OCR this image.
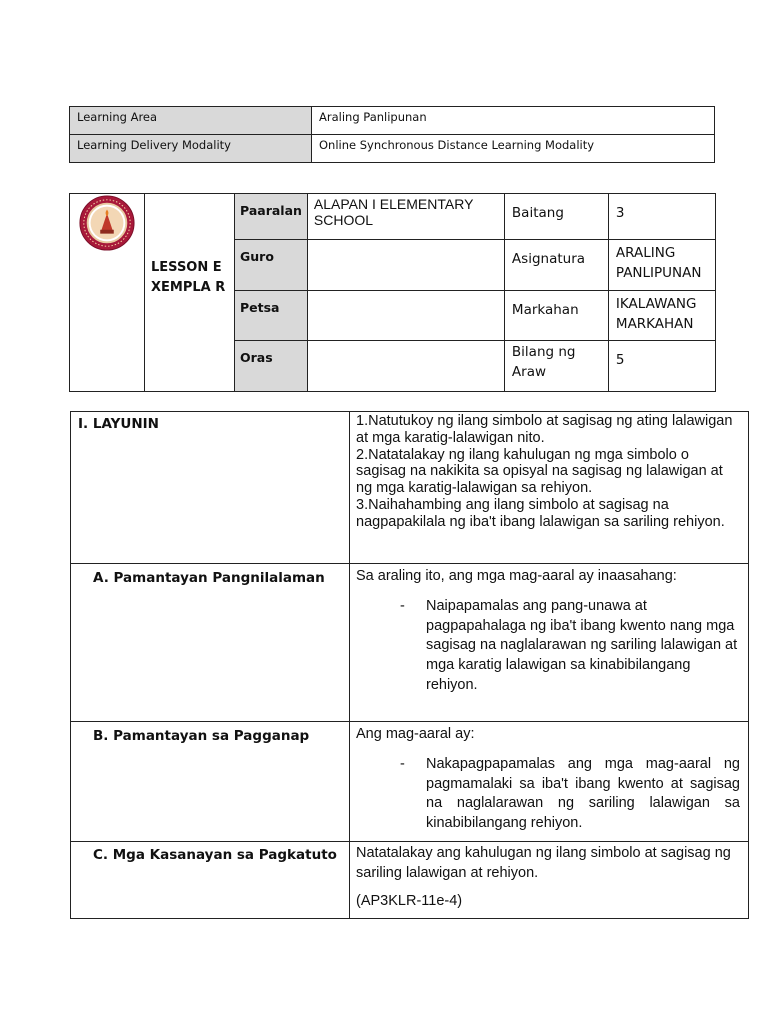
Learning Area	Araling Panlipunan
Learning Delivery Modality	Online Synchronous Distance Learning Modality
	LESSON EXEMPLA R	Paaralan	ALAPAN I ELEMENTARY SCHOOL	Baitang	3
		Guro		Asignatura	ARALING PANLIPUNAN
		Petsa		Markahan	IKALAWANG MARKAHAN
		Oras		Bilang ng Araw	5
I. LAYUNIN	1.Natutukoy ng ilang simbolo at sagisag ng ating lalawigan at mga karatig-lalawigan nito.
2.Natatalakay ng ilang kahulugan ng mga simbolo o sagisag na nakikita sa opisyal na sagisag ng lalawigan at ng mga karatig-lalawigan sa rehiyon.
3.Naihahambing ang ilang simbolo at sagisag na nagpapakilala ng iba't ibang lalawigan sa sariling rehiyon.

A. Pamantayan Pangnilalaman	Sa araling ito, ang mga mag-aaral ay inaasahang:
- Naipapamalas ang pang-unawa at pagpapahalaga ng iba't ibang kwento nang mga sagisag na naglalarawan ng sariling lalawigan at mga karatig lalawigan sa kinabibilangang rehiyon.

B. Pamantayan sa Pagganap	Ang mag-aaral ay:
- Nakapagpapamalas ang mga mag-aaral ng pagmamalaki sa iba't ibang kwento at sagisag na naglalarawan ng sariling lalawigan sa kinabibilangang rehiyon.

C. Mga Kasanayan sa Pagkatuto	Natatalakay ang kahulugan ng ilang simbolo at sagisag ng sariling lalawigan at rehiyon.
(AP3KLR-11e-4)
